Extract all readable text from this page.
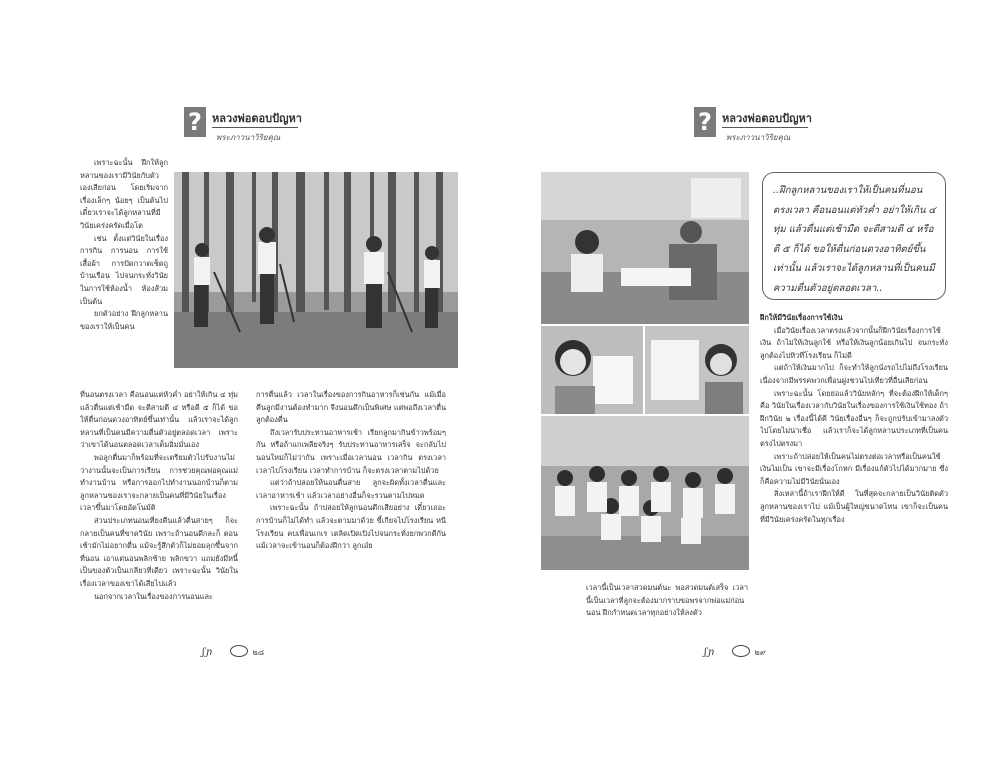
? หลวงพ่อตอบปัญหา
พระภาวนาวิริยคุณ

เพราะฉะนั้น ฝึกให้ลูกหลานของเรามีวินัยกับตัวเองเสียก่อน โดยเริ่มจากเรื่องเล็กๆ น้อยๆ เป็นต้นไป เดี๋ยวเราจะได้ลูกหลานที่มีวินัยเคร่งครัดเมื่อโต

เช่น ตั้งแต่วินัยในเรื่องการกิน การนอน การใช้เสื้อผ้า การปัดกวาดเช็ดถูบ้านเรือน ไปจนกระทั่งวินัยในการใช้ห้องน้ำ ห้องส้วม เป็นต้น

ยกตัวอย่าง ฝึกลูกหลานของเราให้เป็นคน

ที่นอนตรงเวลา คือนอนแต่หัวค่ำ อย่าให้เกิน ๔ ทุ่ม แล้วตื่นแต่เช้ามืด จะตีสามตี ๔ หรือตี ๕ ก็ได้ ขอให้ตื่นก่อนดวงอาทิตย์ขึ้นเท่านั้น แล้วเราจะได้ลูกหลานที่เป็นคนมีความตื่นตัวอยู่ตลอดเวลา เพราะว่าเขาได้นอนตลอดเวลาเต็มอิ่มมั่นเอง

พอลูกตื่นมาก็พร้อมที่จะเตรียมตัวไปรับงานไม่ว่างานนั้นจะเป็นการเรียน การช่วยคุณพ่อคุณแม่ทำงานบ้าน หรือการออกไปทำงานนอกบ้านก็ตาม ลูกหลานของเราจะกลายเป็นคนที่มีวินัยในเรื่องเวลาขึ้นมาโดยอัตโนมัติ

ส่วนประเภทนอนเที่ยงคืนแล้วตื่นสายๆ ก็จะกลายเป็นคนที่ขาดวินัย เพราะถ้านอนดึกละก็ ตอนเช้ามักไม่อยากตื่น แม้จะรู้สึกตัวก็ไม่ยอมลุกขึ้นจากที่นอน เอาแต่นอนพลิกซ้าย พลิกขวา แถมยังมีหนี้เป็นของตัวเป็นเกลียวที่เดียว เพราะฉะนั้น วินัยในเรื่องเวลาของเขาได้เสียไปแล้ว

นอกจากเวลาในเรื่องของการนอนและ

การตื่นแล้ว เวลาในเรื่องของการกินอาหารก็เช่นกัน แม้เมื่อคืนลูกมีงานต้องทำมาก จึงนอนดึกเป็นพิเศษ แต่พอถึงเวลาตื่น ลูกต้องตื่น

ถึงเวลารับประทานอาหารเช้า เรียกลูกมากินข้าวพร้อมๆ กัน หรือถ้าแกเพลียจริงๆ รับประทานอาหารเสร็จ จะกลับไปนอนใหม่ก็ไม่ว่ากัน เพราะเมื่อเวลานอน เวลากิน ตรงเวลา เวลาไปโรงเรียน เวลาทำการบ้าน ก็จะตรงเวลาตามไปด้วย

แต่ว่าถ้าปล่อยให้นอนตื่นสาย ลูกจะผิดทั้งเวลาตื่นและเวลาอาหารเช้า แล้วเวลาอย่างอื่นก็จะรวนตามไปหมด

เพราะฉะนั้น ถ้าปล่อยให้ลูกนอนดึกเสียอย่าง เดี๋ยวเถอะการบ้านก็ไม่ได้ทำ แล้วจะตามมาด้วย ขี้เกียจไปโรงเรียน หนีโรงเรียน คบเพื่อนเกเร เตลิดเปิดเปิงไปจนกระทั่งยกพวกตีกัน แม้เวลาจะเข้านอนก็ต้องฝึกว่า ลูกเอ๋ย

ʃ ɲ	๒๘
? หลวงพ่อตอบปัญหา
พระภาวนาวิริยคุณ
..ฝึกลูกหลานของเราให้เป็นคนที่นอนตรงเวลา คือนอนแต่หัวค่ำ อย่าให้เกิน ๔ ทุ่ม แล้วตื่นแต่เช้ามืด จะตีสามตี ๔ หรือตี ๕ ก็ได้ ขอให้ตื่นก่อนดวงอาทิตย์ขึ้นเท่านั้น แล้วเราจะได้ลูกหลานที่เป็นคนมีความตื่นตัวอยู่ตลอดเวลา..

ฝึกให้มีวินัยเรื่องการใช้เงิน

เมื่อวินัยเรื่องเวลาตรงแล้วจากนั้นก็ฝึกวินัยเรื่องการใช้เงิน ถ้าไม่ให้เงินลูกใช้ หรือให้เงินลูกน้อยเกินไป จนกระทั่งลูกต้องไปหิวที่โรงเรียน ก็ไม่ดี

แต่ถ้าให้เงินมากไป ก็จะทำให้ลูกนั่งรถไปไม่ถึงโรงเรียน เนื่องจากมีพรรคพวกเพื่อนฝูงชวนไปเที่ยวที่อื่นเสียก่อน

เพราะฉะนั้น โดยย่อแล้ววินัยหลักๆ ที่จะต้องฝึกให้เด็กๆ คือ วินัยในเรื่องเวลากับวินัยในเรื่องของการใช้เงินใช้ทอง ถ้าฝึกวินัย ๒ เรื่องนี้ได้ดี วินัยเรื่องอื่นๆ ก็จะถูกปรับเข้ามาลงตัวไปโดยไม่น่าเชื่อ แล้วเราก็จะได้ลูกหลานประเภทที่เป็นคนตรงไปตรงมา

เพราะถ้าปล่อยให้เป็นคนไม่ตรงต่อเวลาหรือเป็นคนใช้เงินไม่เป็น เขาจะมีเรื่องโกหก มีเรื่องแก้ตัวไปได้มากมาย ซึ่งก็คือความไม่มีวินัยนั่นเอง

สิ่งเหล่านี้ถ้าเราฝึกให้ดี ในที่สุดจะกลายเป็นวินัยติดตัวลูกหลานของเราไป แม้เป็นผู้ใหญ่ขนาดไหน เขาก็จะเป็นคนที่มีวินัยเคร่งครัดในทุกเรื่อง

เวลานี้เป็นเวลาสวดมนต์นะ พอสวดมนต์เสร็จ เวลานี้เป็นเวลาที่ลูกจะต้องมากราบขอพรจากพ่อแม่ก่อนนอน ฝึกกำหนดเวลาทุกอย่างให้ลงตัว

ʃ ɲ	๒๙
